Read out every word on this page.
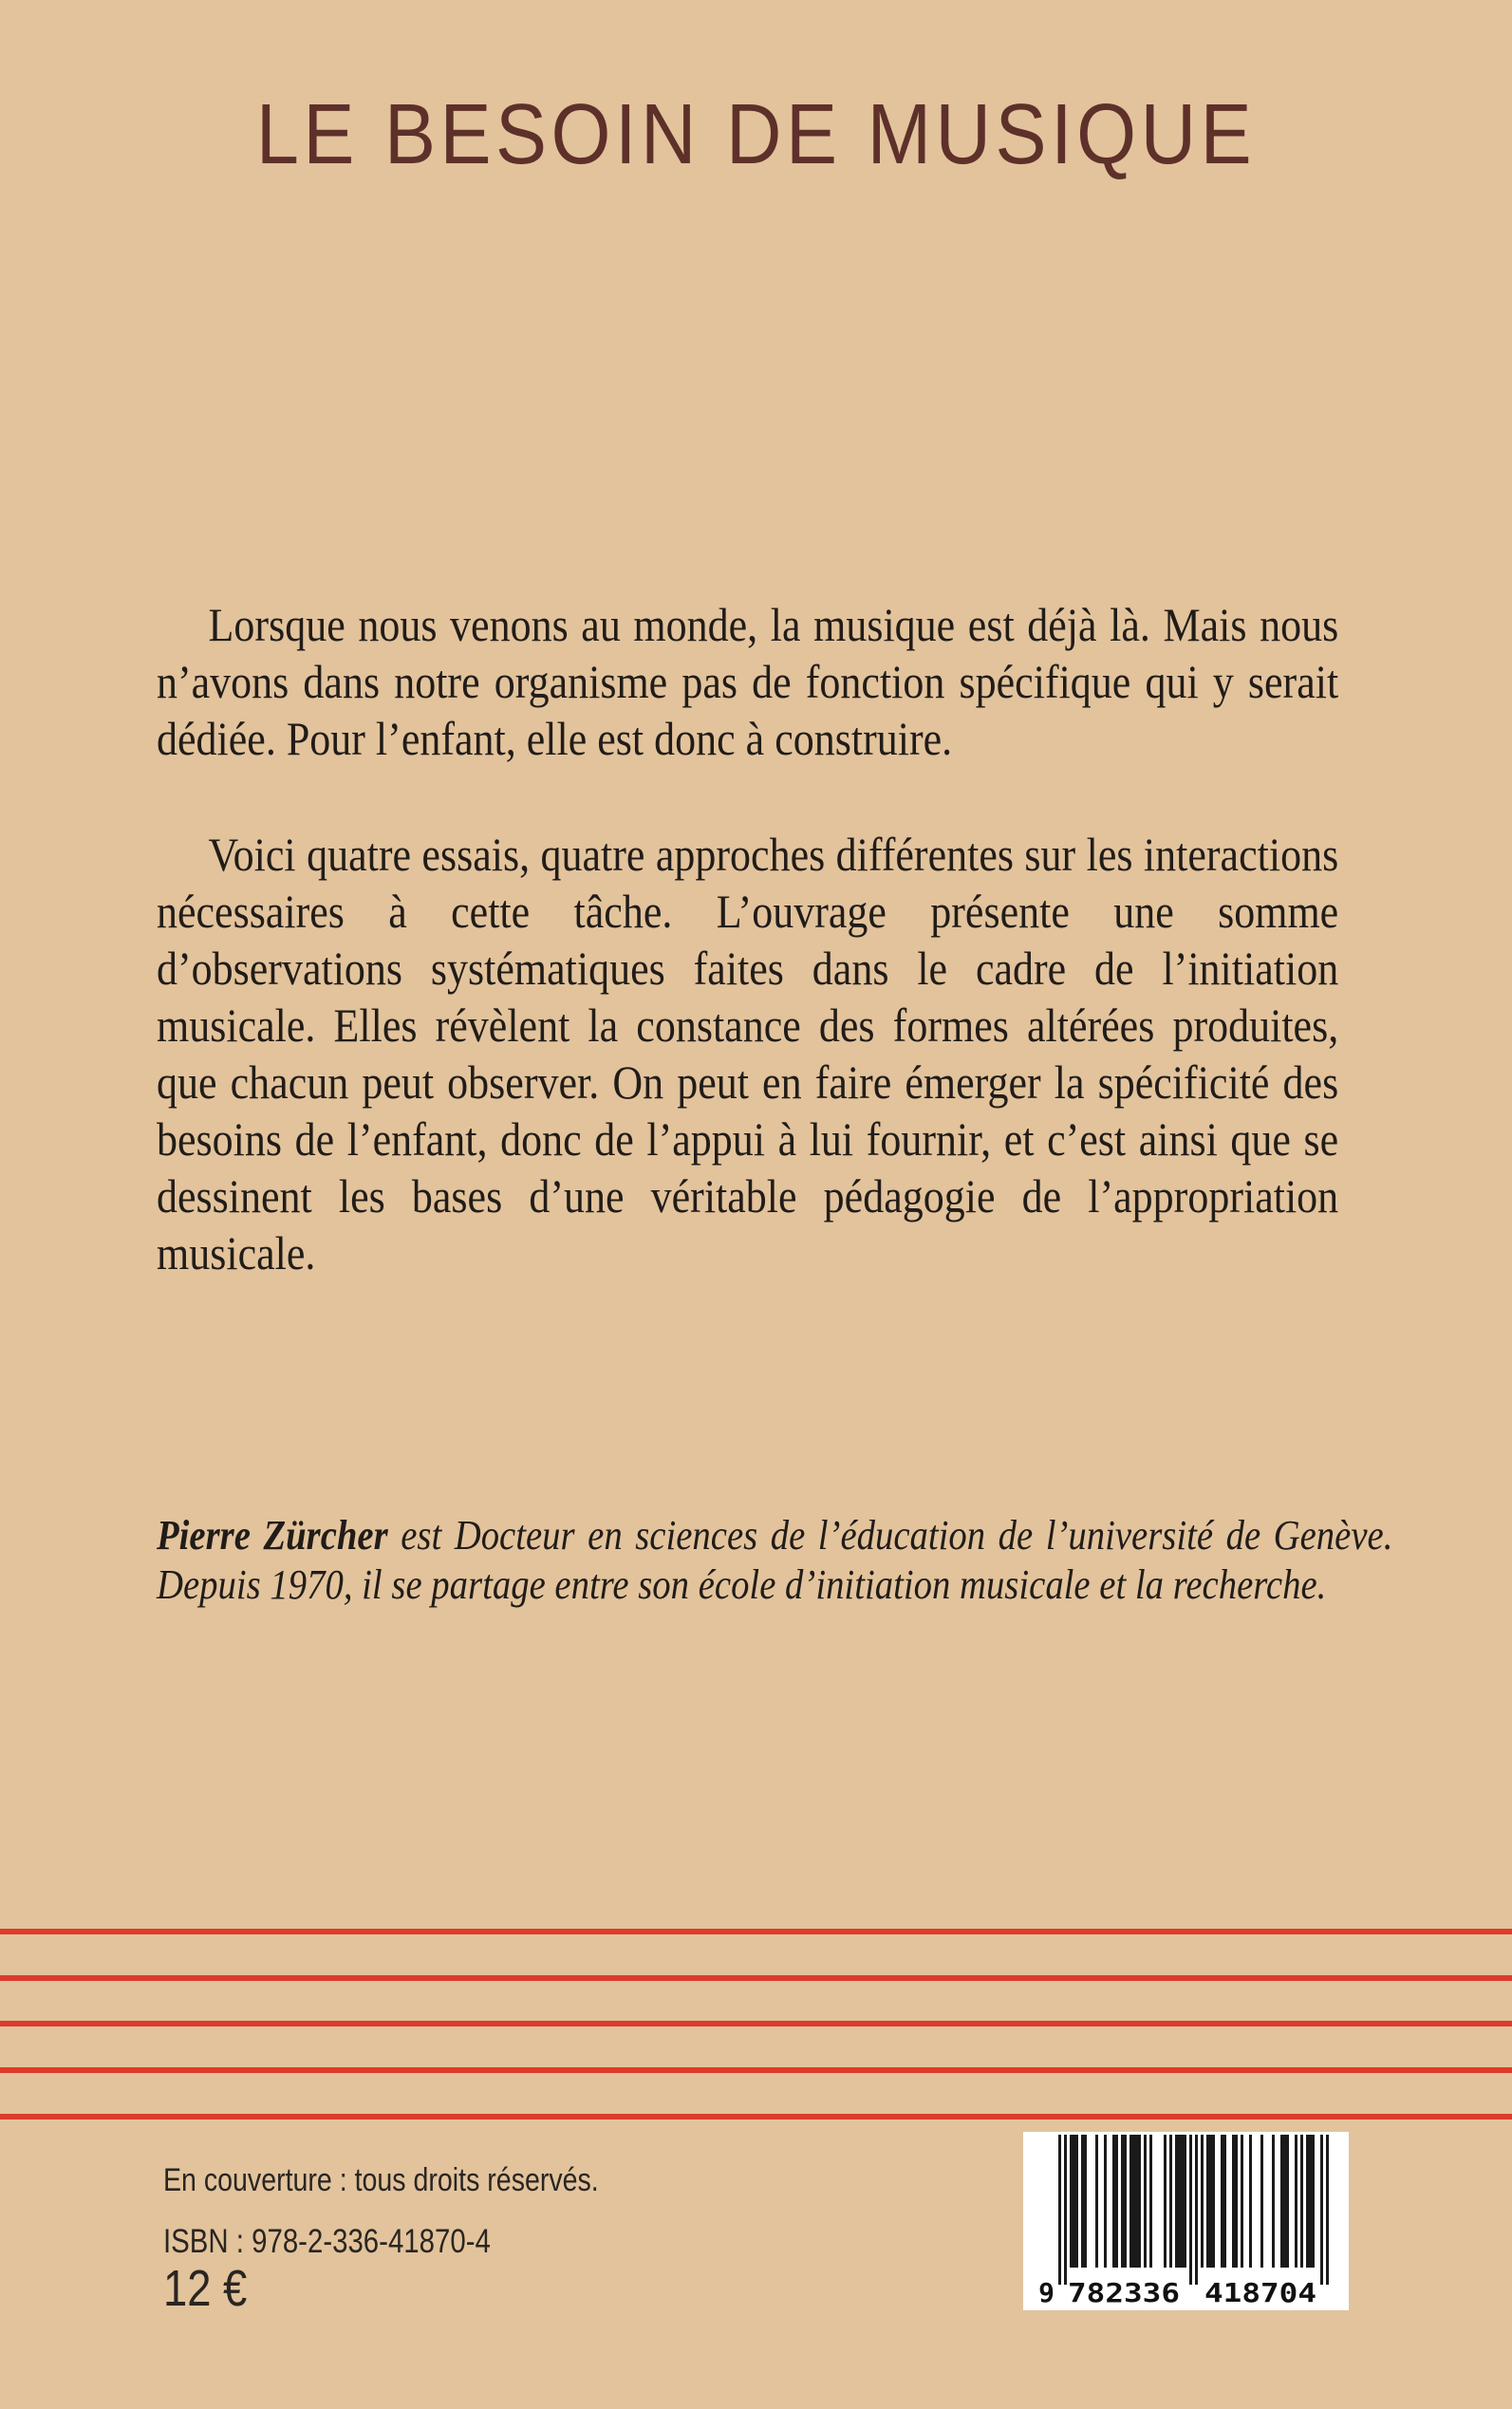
LE BESOIN DE MUSIQUE

Lorsque nous venons au monde, la musique est déjà là. Mais nous n’avons dans notre organisme pas de fonction spécifique qui y serait dédiée. Pour l’enfant, elle est donc à construire.

Voici quatre essais, quatre approches différentes sur les interactions nécessaires à cette tâche. L’ouvrage présente une somme d’observations systématiques faites dans le cadre de l’initiation musicale. Elles révèlent la constance des formes altérées produites, que chacun peut observer. On peut en faire émerger la spécificité des besoins de l’enfant, donc de l’appui à lui fournir, et c’est ainsi que se dessinent les bases d’une véritable pédagogie de l’appropriation musicale.

Pierre Zürcher est Docteur en sciences de l’éducation de l’université de Genève. Depuis 1970, il se partage entre son école d’initiation musicale et la recherche.

En couverture : tous droits réservés.

ISBN : 978-2-336-41870-4

12 €	9 782336 418704
